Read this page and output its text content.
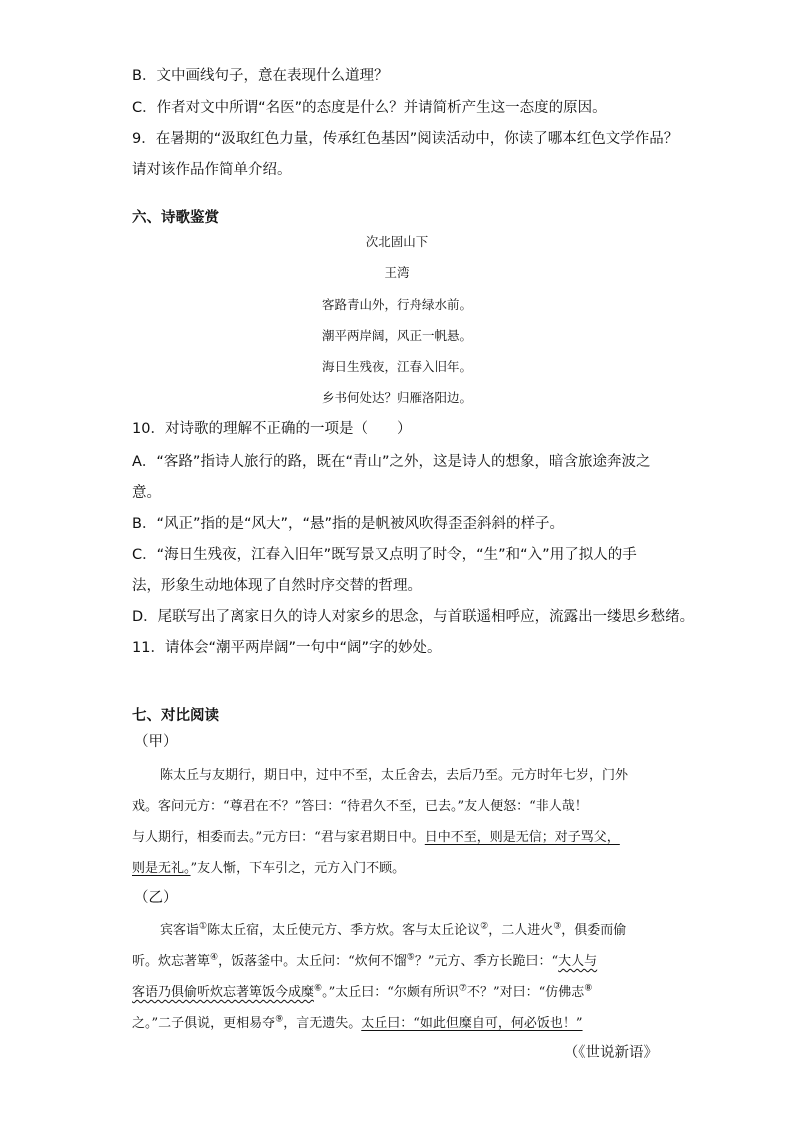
B．文中画线句子，意在表现什么道理？
C．作者对文中所谓“名医”的态度是什么？并请简析产生这一态度的原因。
9．在暑期的“汲取红色力量，传承红色基因”阅读活动中，你读了哪本红色文学作品？
请对该作品作简单介绍。
六、诗歌鉴赏
次北固山下
王湾
客路青山外，行舟绿水前。
潮平两岸阔，风正一帆悬。
海日生残夜，江春入旧年。
乡书何处达？归雁洛阳边。
10．对诗歌的理解不正确的一项是（　　）
A．“客路”指诗人旅行的路，既在“青山”之外，这是诗人的想象，暗含旅途奔波之
意。
B．“风正”指的是“风大”，“悬”指的是帆被风吹得歪歪斜斜的样子。
C．“海日生残夜，江春入旧年”既写景又点明了时令，“生”和“入”用了拟人的手
法，形象生动地体现了自然时序交替的哲理。
D．尾联写出了离家日久的诗人对家乡的思念，与首联遥相呼应，流露出一缕思乡愁绪。
11．请体会“潮平两岸阔”一句中“阔”字的妙处。
七、对比阅读
（甲）
陈太丘与友期行，期日中，过中不至，太丘舍去，去后乃至。元方时年七岁，门外
戏。客问元方：“尊君在不？”答曰：“待君久不至，已去。”友人便怒：“非人哉！
与人期行，相委而去。”元方曰：“君与家君期日中。日中不至，则是无信；对子骂父，
则是无礼。”友人惭，下车引之，元方入门不顾。
（乙）
宾客诣①陈太丘宿，太丘使元方、季方炊。客与太丘论议②，二人进火③，俱委而偷
听。炊忘著箄④，饭落釜中。太丘问：“炊何不馏⑤？”元方、季方长跪曰：“大人与
客语乃俱偷听炊忘著箄饭今成糜⑥。”太丘曰：“尔颇有所识⑦不？”对曰：“仿佛志⑧
之。”二子俱说，更相易夺⑨，言无遗失。太丘曰：“如此但糜自可，何必饭也！”
（《世说新语》
